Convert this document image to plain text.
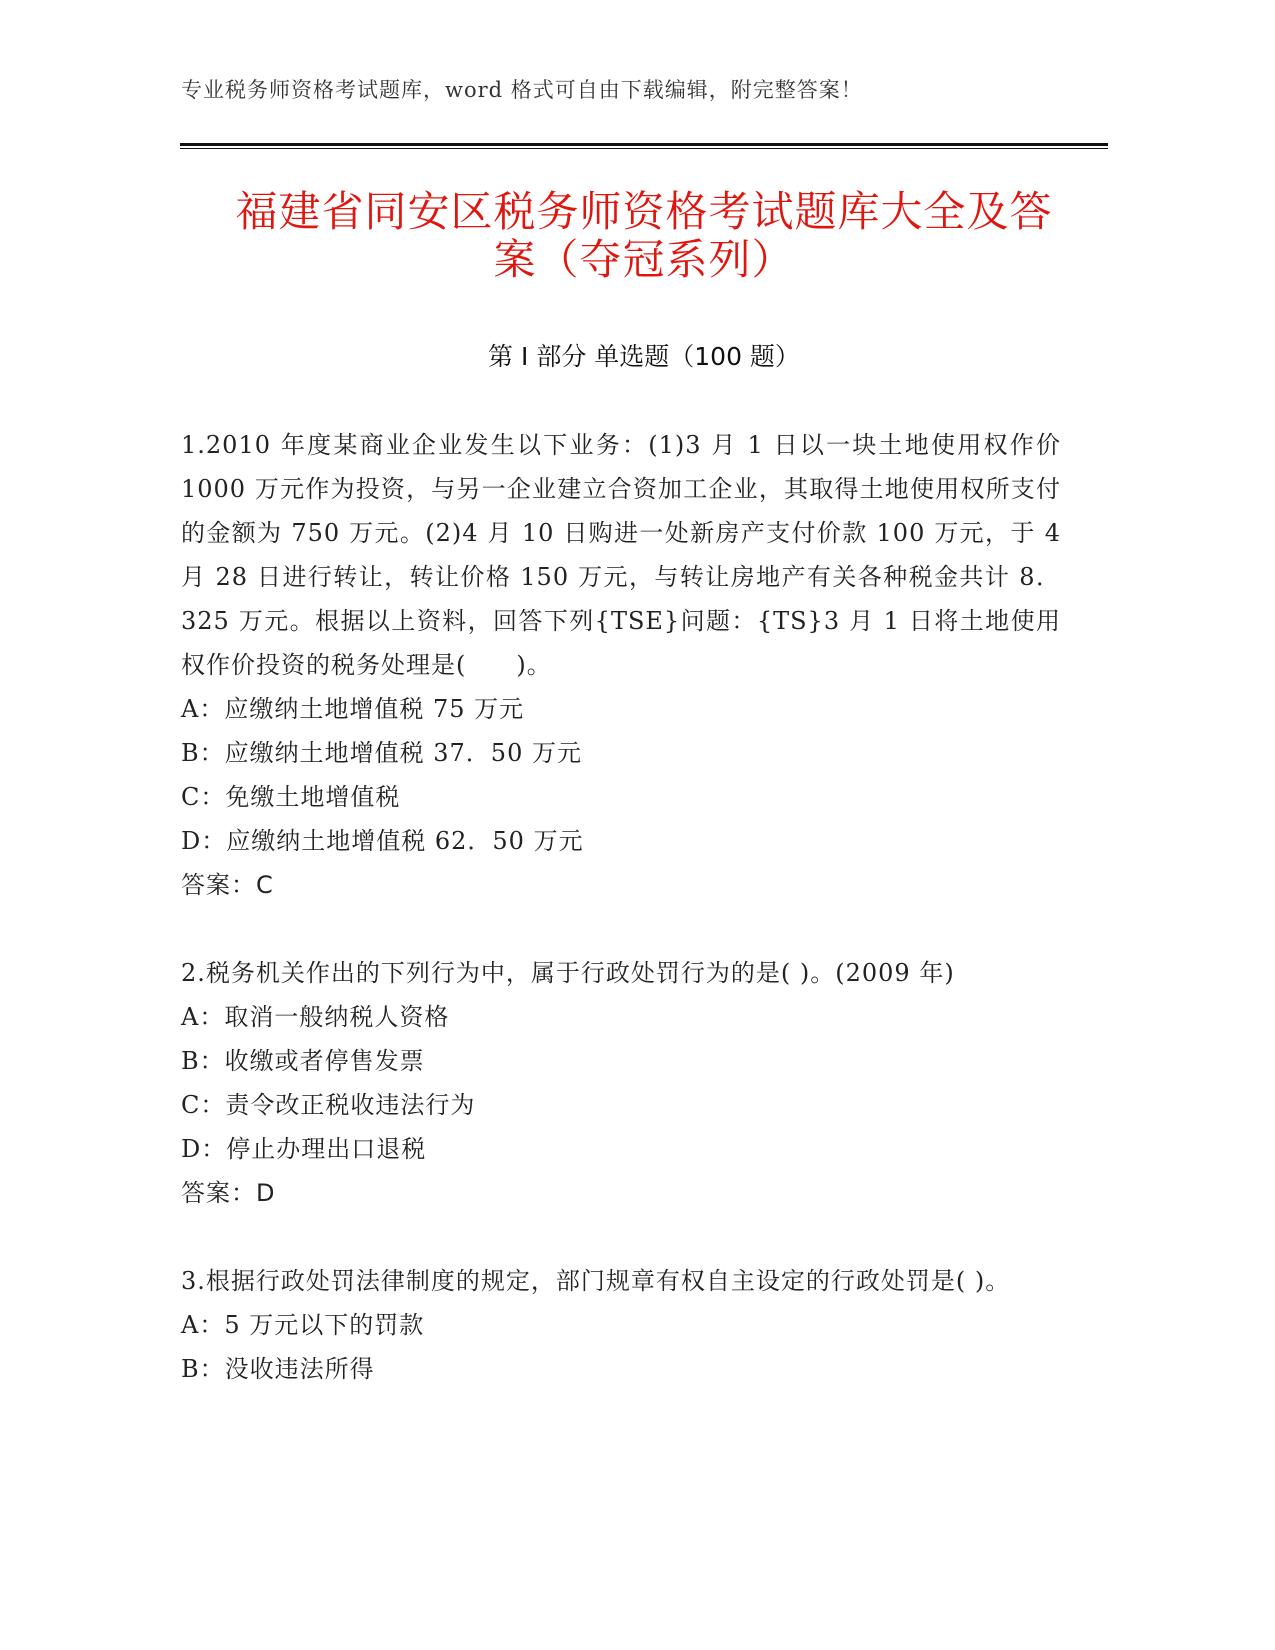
专业税务师资格考试题库，word 格式可自由下载编辑，附完整答案！
福建省同安区税务师资格考试题库大全及答
案（夺冠系列）
第 I 部分 单选题（100 题）

1.2010 年度某商业企业发生以下业务：(1)3 月 1 日以一块土地使用权作价 1000 万元作为投资，与另一企业建立合资加工企业，其取得土地使用权所支付的金额为 750 万元。(2)4 月 10 日购进一处新房产支付价款 100 万元，于 4 月 28 日进行转让，转让价格 150 万元，与转让房地产有关各种税金共计 8．325 万元。根据以上资料，回答下列{TSE}问题：{TS}3 月 1 日将土地使用权作价投资的税务处理是(　　)。

A：应缴纳土地增值税 75 万元

B：应缴纳土地增值税 37．50 万元

C：免缴土地增值税

D：应缴纳土地增值税 62．50 万元

答案：C

2.税务机关作出的下列行为中，属于行政处罚行为的是( )。(2009 年)

A：取消一般纳税人资格

B：收缴或者停售发票

C：责令改正税收违法行为

D：停止办理出口退税

答案：D

3.根据行政处罚法律制度的规定，部门规章有权自主设定的行政处罚是( )。

A：5 万元以下的罚款

B：没收违法所得
